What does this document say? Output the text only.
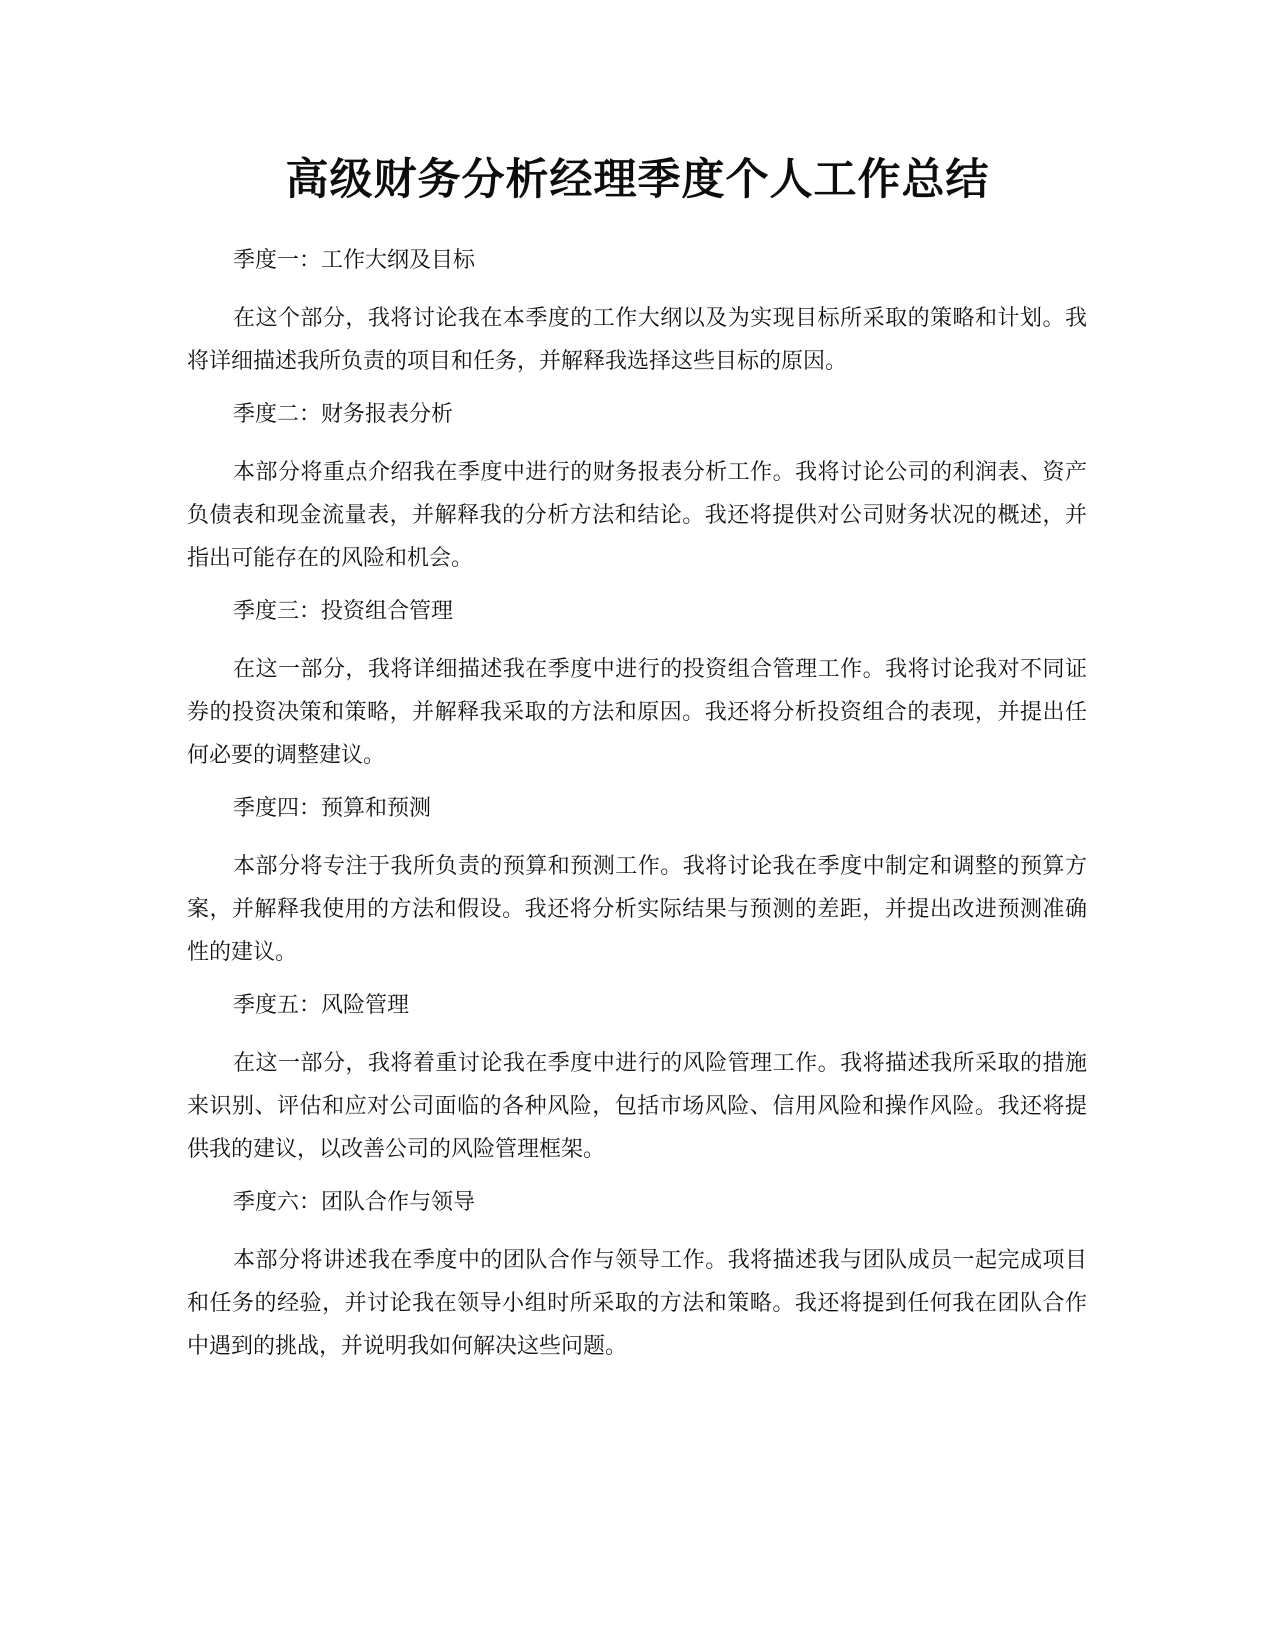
高级财务分析经理季度个人工作总结
季度一：工作大纲及目标

在这个部分，我将讨论我在本季度的工作大纲以及为实现目标所采取的策略和计划。我将详细描述我所负责的项目和任务，并解释我选择这些目标的原因。

季度二：财务报表分析

本部分将重点介绍我在季度中进行的财务报表分析工作。我将讨论公司的利润表、资产负债表和现金流量表，并解释我的分析方法和结论。我还将提供对公司财务状况的概述，并指出可能存在的风险和机会。

季度三：投资组合管理

在这一部分，我将详细描述我在季度中进行的投资组合管理工作。我将讨论我对不同证券的投资决策和策略，并解释我采取的方法和原因。我还将分析投资组合的表现，并提出任何必要的调整建议。

季度四：预算和预测

本部分将专注于我所负责的预算和预测工作。我将讨论我在季度中制定和调整的预算方案，并解释我使用的方法和假设。我还将分析实际结果与预测的差距，并提出改进预测准确性的建议。

季度五：风险管理

在这一部分，我将着重讨论我在季度中进行的风险管理工作。我将描述我所采取的措施来识别、评估和应对公司面临的各种风险，包括市场风险、信用风险和操作风险。我还将提供我的建议，以改善公司的风险管理框架。

季度六：团队合作与领导

本部分将讲述我在季度中的团队合作与领导工作。我将描述我与团队成员一起完成项目和任务的经验，并讨论我在领导小组时所采取的方法和策略。我还将提到任何我在团队合作中遇到的挑战，并说明我如何解决这些问题。
